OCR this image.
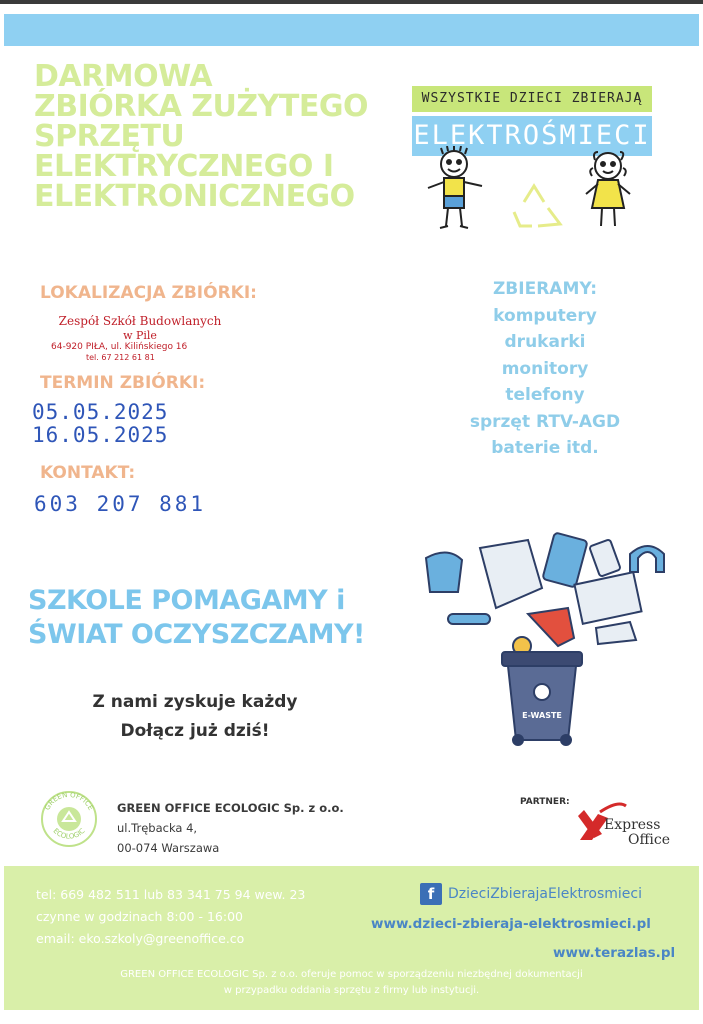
DARMOWA
ZBIÓRKA ZUŻYTEGO
SPRZĘTU
ELEKTRYCZNEGO I
ELEKTRONICZNEGO
WSZYSTKIE DZIECI ZBIERAJĄ
ELEKTROŚMIECI
LOKALIZACJA ZBIÓRKI:
Zespół Szkół Budowlanych
w Pile
64-920 PIŁA, ul. Kilińskiego 16
tel. 67 212 61 81
TERMIN ZBIÓRKI:
05.05.2025
16.05.2025
KONTAKT:
603 207 881
ZBIERAMY:
komputery
drukarki
monitory
telefony
sprzęt RTV-AGD
baterie itd.
SZKOLE POMAGAMY i
ŚWIAT OCZYSZCZAMY!
Z nami zyskuje każdy
Dołącz już dziś!
E-WASTE
GREEN OFFICE
ECOLOGIC
GREEN OFFICE ECOLOGIC Sp. z o.o.
ul.Trębacka 4,
00-074 Warszawa
PARTNER:
Express
Office
tel: 669 482 511 lub 83 341 75 94 wew. 23
czynne w godzinach 8:00 - 16:00
email: eko.szkoly@greenoffice.co
f DzieciZbierajaElektrosmieci
www.dzieci-zbieraja-elektrosmieci.pl
www.terazlas.pl
GREEN OFFICE ECOLOGIC Sp. z o.o. oferuje pomoc w sporządzeniu niezbędnej dokumentacji
w przypadku oddania sprzętu z firmy lub instytucji.
